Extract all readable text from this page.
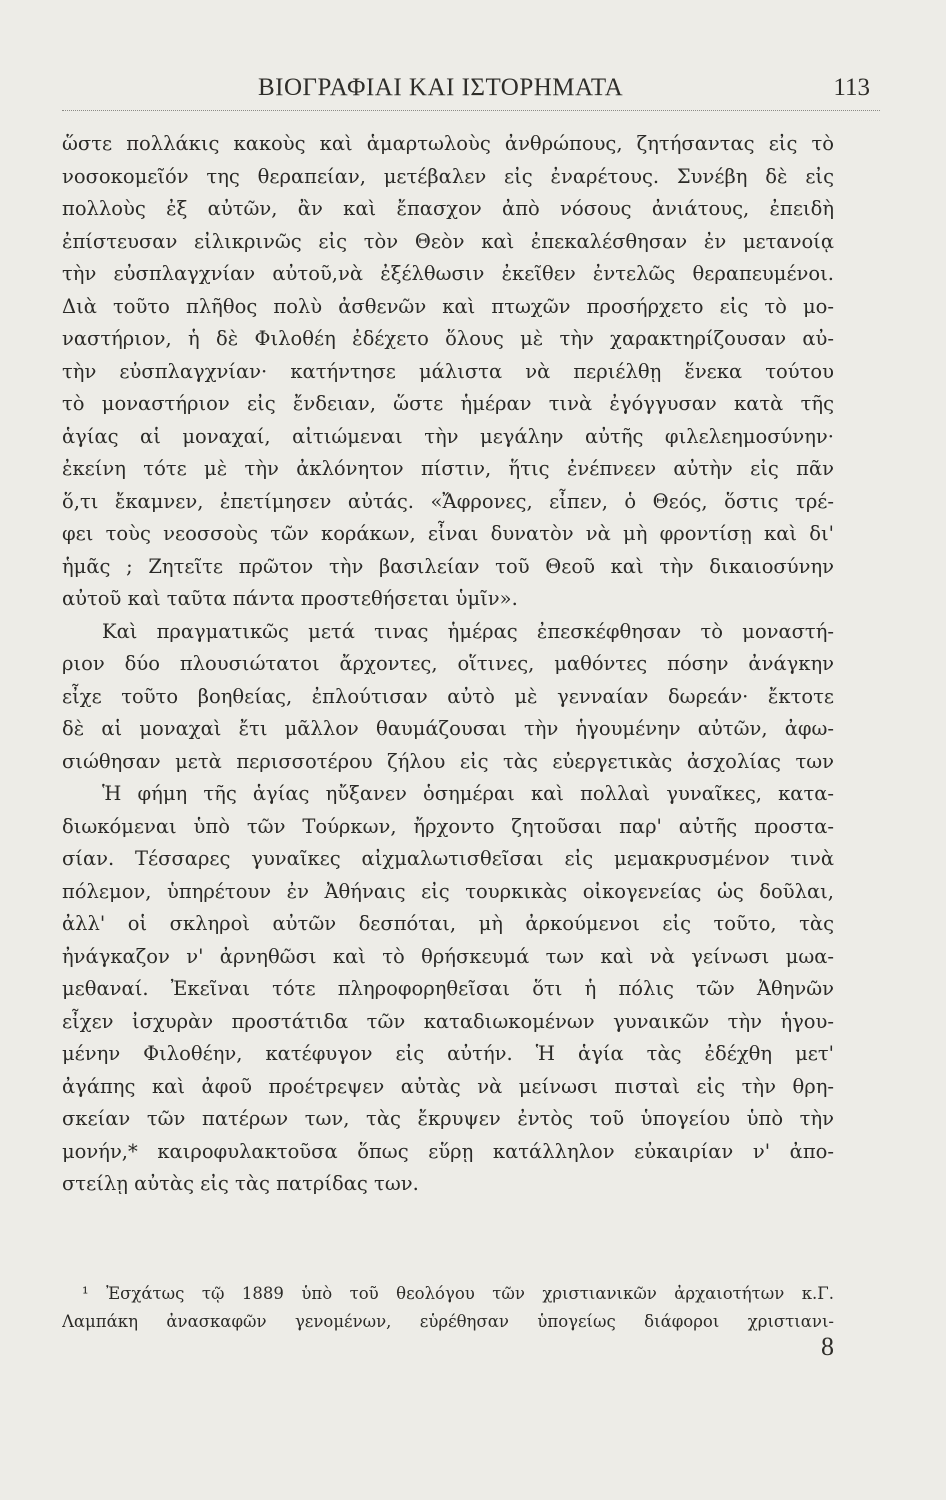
ΒΙΟΓΡΑΦΙΑΙ ΚΑΙ ΙΣΤΟΡΗΜΑΤΑ	113
ὥστε πολλάκις κακοὺς καὶ ἁμαρτωλοὺς ἀνθρώπους, ζητήσαντας εἰς τὸ
νοσοκομεῖόν της θεραπείαν, μετέβαλεν εἰς ἐναρέτους. Συνέβη δὲ εἰς
πολλοὺς ἐξ αὐτῶν, ἂν καὶ ἔπασχον ἀπὸ νόσους ἀνιάτους, ἐπειδὴ
ἐπίστευσαν εἰλικρινῶς εἰς τὸν Θεὸν καὶ ἐπεκαλέσθησαν ἐν μετανοίᾳ
τὴν εὐσπλαγχνίαν αὐτοῦ,νὰ ἐξέλθωσιν ἐκεῖθεν ἐντελῶς θεραπευμένοι.
Διὰ τοῦτο πλῆθος πολὺ ἀσθενῶν καὶ πτωχῶν προσήρχετο εἰς τὸ μο-
ναστήριον, ἡ δὲ Φιλοθέη ἐδέχετο ὅλους μὲ τὴν χαρακτηρίζουσαν αὐ-
τὴν εὐσπλαγχνίαν· κατήντησε μάλιστα νὰ περιέλθῃ ἕνεκα τούτου
τὸ μοναστήριον εἰς ἔνδειαν, ὥστε ἡμέραν τινὰ ἐγόγγυσαν κατὰ τῆς
ἁγίας αἱ μοναχαί, αἰτιώμεναι τὴν μεγάλην αὐτῆς φιλελεημοσύνην·
ἐκείνη τότε μὲ τὴν ἀκλόνητον πίστιν, ἥτις ἐνέπνεεν αὐτὴν εἰς πᾶν
ὅ,τι ἔκαμνεν, ἐπετίμησεν αὐτάς. «Ἄφρονες, εἶπεν, ὁ Θεός, ὅστις τρέ-
φει τοὺς νεοσσοὺς τῶν κοράκων, εἶναι δυνατὸν νὰ μὴ φροντίσῃ καὶ δι'
ἡμᾶς ; Ζητεῖτε πρῶτον τὴν βασιλείαν τοῦ Θεοῦ καὶ τὴν δικαιοσύνην
αὐτοῦ καὶ ταῦτα πάντα προστεθήσεται ὑμῖν».
Καὶ πραγματικῶς μετά τινας ἡμέρας ἐπεσκέφθησαν τὸ μοναστή-
ριον δύο πλουσιώτατοι ἄρχοντες, οἵτινες, μαθόντες πόσην ἀνάγκην
εἶχε τοῦτο βοηθείας, ἐπλούτισαν αὐτὸ μὲ γενναίαν δωρεάν· ἔκτοτε
δὲ αἱ μοναχαὶ ἔτι μᾶλλον θαυμάζουσαι τὴν ἡγουμένην αὐτῶν, ἀφω-
σιώθησαν μετὰ περισσοτέρου ζήλου εἰς τὰς εὐεργετικὰς ἀσχολίας των
Ἡ φήμη τῆς ἁγίας ηὔξανεν ὁσημέραι καὶ πολλαὶ γυναῖκες, κατα-
διωκόμεναι ὑπὸ τῶν Τούρκων, ἤρχοντο ζητοῦσαι παρ' αὐτῆς προστα-
σίαν. Τέσσαρες γυναῖκες αἰχμαλωτισθεῖσαι εἰς μεμακρυσμένον τινὰ
πόλεμον, ὑπηρέτουν ἐν Ἀθήναις εἰς τουρκικὰς οἰκογενείας ὡς δοῦλαι,
ἀλλ' οἱ σκληροὶ αὐτῶν δεσπόται, μὴ ἀρκούμενοι εἰς τοῦτο, τὰς
ἠνάγκαζον ν' ἀρνηθῶσι καὶ τὸ θρήσκευμά των καὶ νὰ γείνωσι μωα-
μεθαναί. Ἐκεῖναι τότε πληροφορηθεῖσαι ὅτι ἡ πόλις τῶν Ἀθηνῶν
εἶχεν ἰσχυρὰν προστάτιδα τῶν καταδιωκομένων γυναικῶν τὴν ἡγου-
μένην Φιλοθέην, κατέφυγον εἰς αὐτήν. Ἡ ἁγία τὰς ἐδέχθη μετ'
ἀγάπης καὶ ἀφοῦ προέτρεψεν αὐτὰς νὰ μείνωσι πισταὶ εἰς τὴν θρη-
σκείαν τῶν πατέρων των, τὰς ἔκρυψεν ἐντὸς τοῦ ὑπογείου ὑπὸ τὴν
μονήν,* καιροφυλακτοῦσα ὅπως εὕρῃ κατάλληλον εὐκαιρίαν ν' ἀπο-
στείλῃ αὐτὰς εἰς τὰς πατρίδας των.
¹ Ἐσχάτως τῷ 1889 ὑπὸ τοῦ θεολόγου τῶν χριστιανικῶν ἀρχαιοτήτων κ.Γ.
Λαμπάκη ἀνασκαφῶν γενομένων, εὑρέθησαν ὑπογείως διάφοροι χριστιανι-
8
